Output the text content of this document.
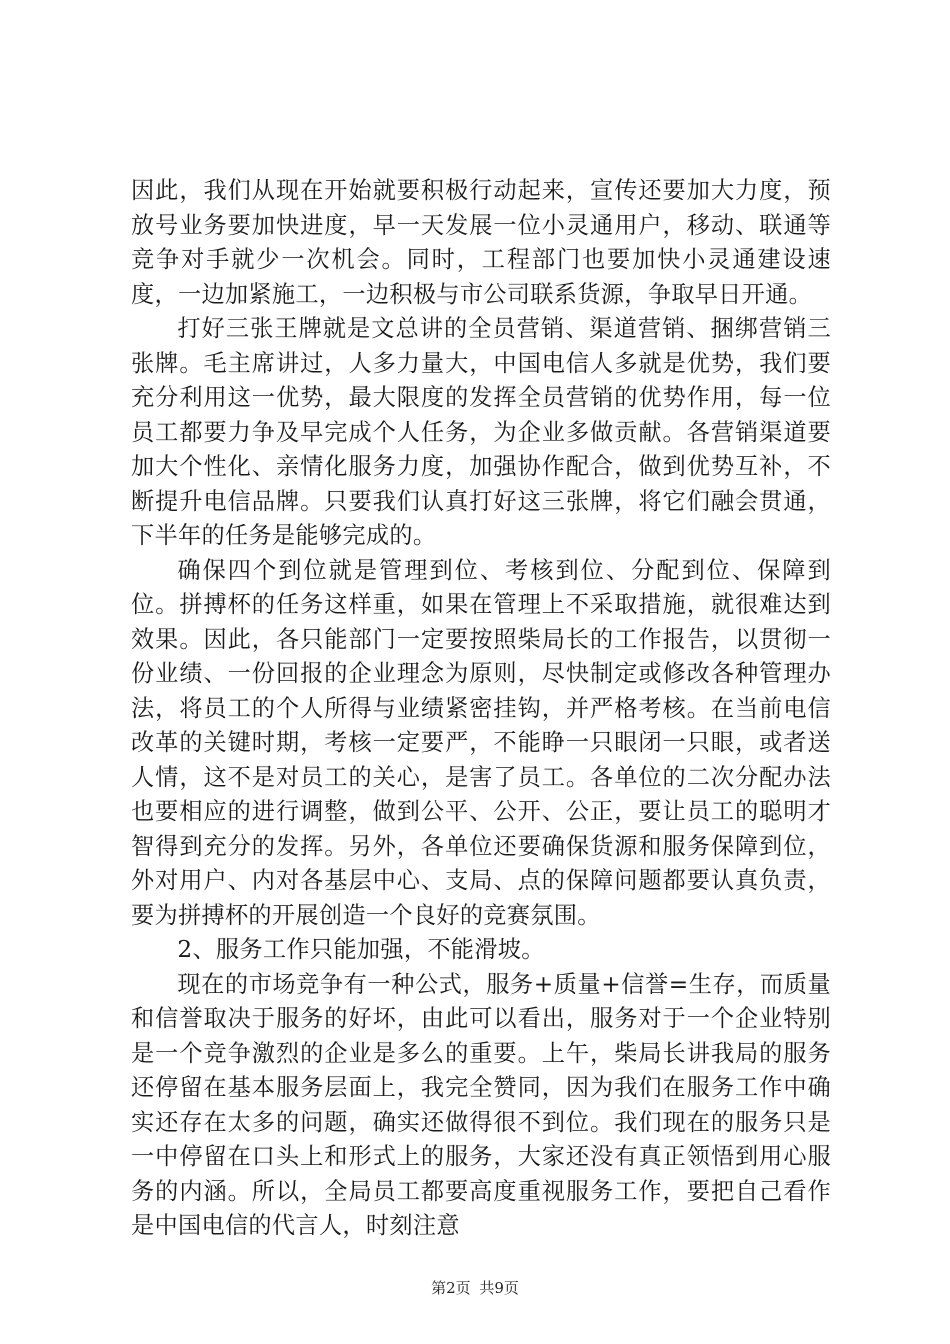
因此，我们从现在开始就要积极行动起来，宣传还要加大力度，预放号业务要加快进度，早一天发展一位小灵通用户，移动、联通等竞争对手就少一次机会。同时，工程部门也要加快小灵通建设速度，一边加紧施工，一边积极与市公司联系货源，争取早日开通。

打好三张王牌就是文总讲的全员营销、渠道营销、捆绑营销三张牌。毛主席讲过，人多力量大，中国电信人多就是优势，我们要充分利用这一优势，最大限度的发挥全员营销的优势作用，每一位员工都要力争及早完成个人任务，为企业多做贡献。各营销渠道要加大个性化、亲情化服务力度，加强协作配合，做到优势互补，不断提升电信品牌。只要我们认真打好这三张牌，将它们融会贯通，下半年的任务是能够完成的。

确保四个到位就是管理到位、考核到位、分配到位、保障到位。拼搏杯的任务这样重，如果在管理上不采取措施，就很难达到效果。因此，各只能部门一定要按照柴局长的工作报告，以贯彻一份业绩、一份回报的企业理念为原则，尽快制定或修改各种管理办法，将员工的个人所得与业绩紧密挂钩，并严格考核。在当前电信改革的关键时期，考核一定要严，不能睁一只眼闭一只眼，或者送人情，这不是对员工的关心，是害了员工。各单位的二次分配办法也要相应的进行调整，做到公平、公开、公正，要让员工的聪明才智得到充分的发挥。另外，各单位还要确保货源和服务保障到位，外对用户、内对各基层中心、支局、点的保障问题都要认真负责，要为拼搏杯的开展创造一个良好的竞赛氛围。

2、服务工作只能加强，不能滑坡。

现在的市场竞争有一种公式，服务+质量+信誉=生存，而质量和信誉取决于服务的好坏，由此可以看出，服务对于一个企业特别是一个竞争激烈的企业是多么的重要。上午，柴局长讲我局的服务还停留在基本服务层面上，我完全赞同，因为我们在服务工作中确实还存在太多的问题，确实还做得很不到位。我们现在的服务只是一中停留在口头上和形式上的服务，大家还没有真正领悟到用心服务的内涵。所以，全局员工都要高度重视服务工作，要把自己看作是中国电信的代言人，时刻注意

第2页 共9页
